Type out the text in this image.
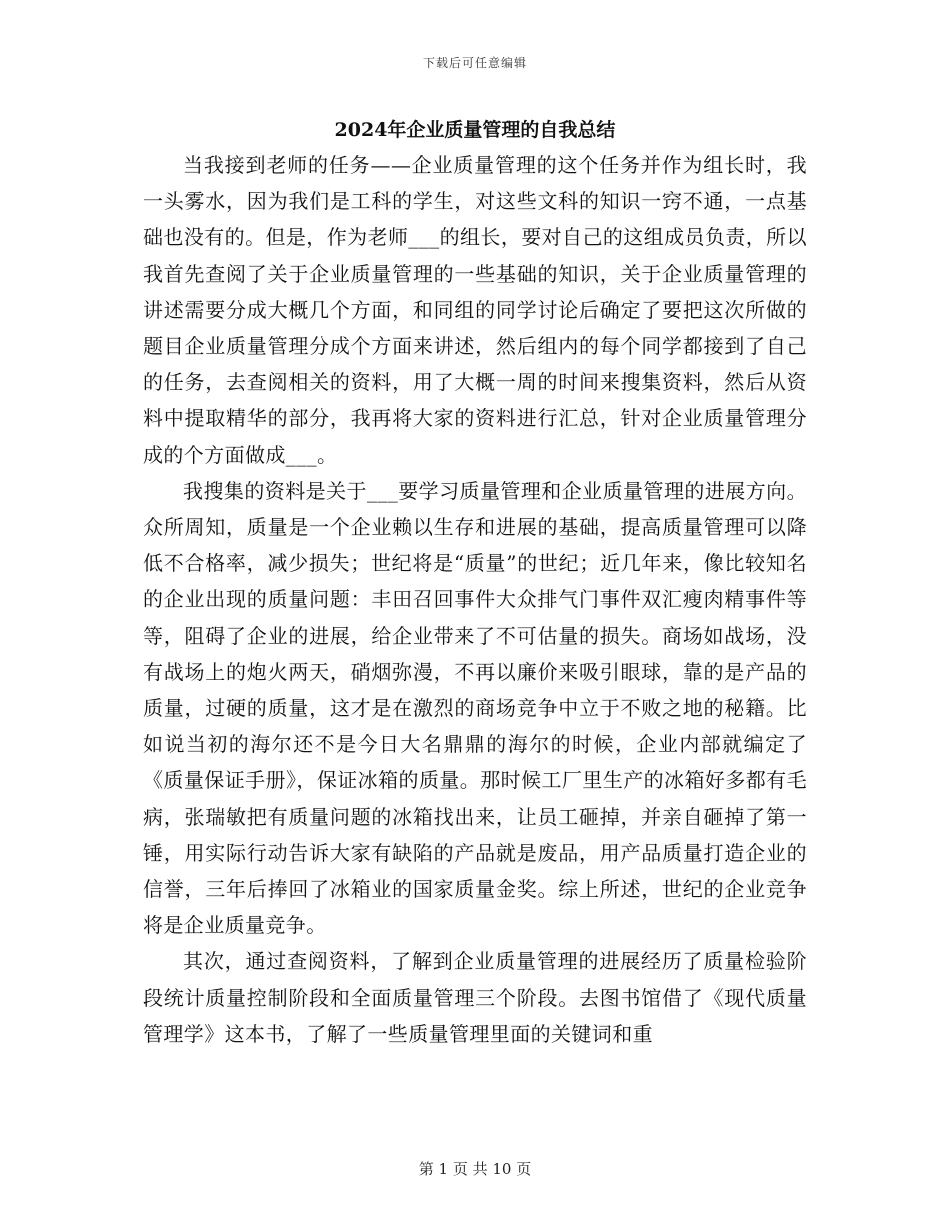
下载后可任意编辑
2024年企业质量管理的自我总结

当我接到老师的任务——企业质量管理的这个任务并作为组长时，我一头雾水，因为我们是工科的学生，对这些文科的知识一窍不通，一点基础也没有的。但是，作为老师___的组长，要对自己的这组成员负责，所以我首先查阅了关于企业质量管理的一些基础的知识，关于企业质量管理的讲述需要分成大概几个方面，和同组的同学讨论后确定了要把这次所做的题目企业质量管理分成个方面来讲述，然后组内的每个同学都接到了自己的任务，去查阅相关的资料，用了大概一周的时间来搜集资料，然后从资料中提取精华的部分，我再将大家的资料进行汇总，针对企业质量管理分成的个方面做成___。

我搜集的资料是关于___要学习质量管理和企业质量管理的进展方向。众所周知，质量是一个企业赖以生存和进展的基础，提高质量管理可以降低不合格率，减少损失；世纪将是“质量”的世纪；近几年来，像比较知名的企业出现的质量问题：丰田召回事件大众排气门事件双汇瘦肉精事件等等，阻碍了企业的进展，给企业带来了不可估量的损失。商场如战场，没有战场上的炮火两天，硝烟弥漫，不再以廉价来吸引眼球，靠的是产品的质量，过硬的质量，这才是在激烈的商场竞争中立于不败之地的秘籍。比如说当初的海尔还不是今日大名鼎鼎的海尔的时候，企业内部就编定了《质量保证手册》，保证冰箱的质量。那时候工厂里生产的冰箱好多都有毛病，张瑞敏把有质量问题的冰箱找出来，让员工砸掉，并亲自砸掉了第一锤，用实际行动告诉大家有缺陷的产品就是废品，用产品质量打造企业的信誉，三年后捧回了冰箱业的国家质量金奖。综上所述，世纪的企业竞争将是企业质量竞争。

其次，通过查阅资料，了解到企业质量管理的进展经历了质量检验阶段统计质量控制阶段和全面质量管理三个阶段。去图书馆借了《现代质量管理学》这本书，了解了一些质量管理里面的关键词和重

第 1 页 共 10 页
